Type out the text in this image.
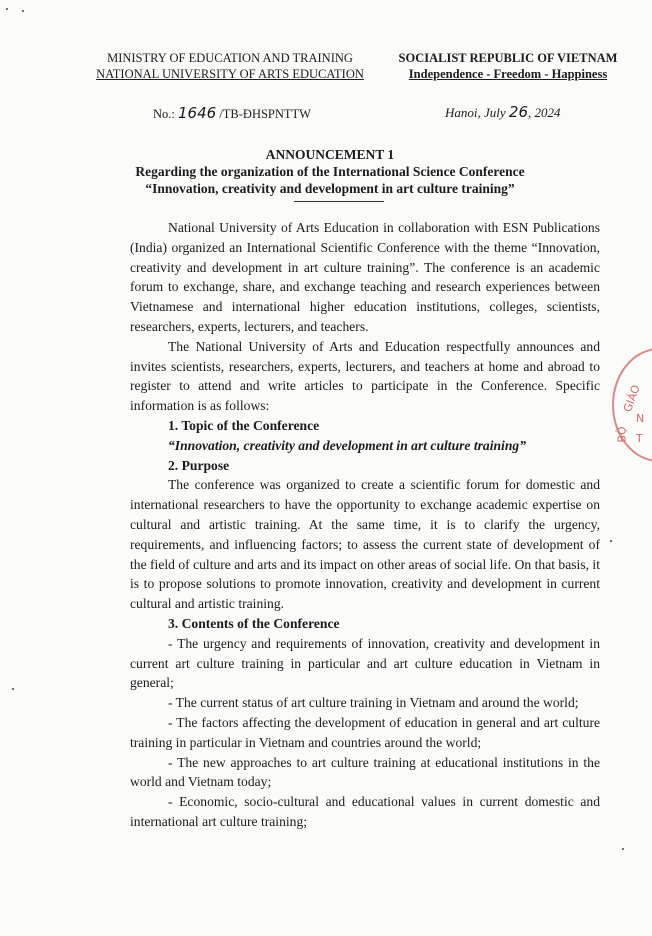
MINISTRY OF EDUCATION AND TRAINING
NATIONAL UNIVERSITY OF ARTS EDUCATION
SOCIALIST REPUBLIC OF VIETNAM
Independence - Freedom - Happiness
No.: 1646 /TB-ĐHSPNTTW	Hanoi, July 26, 2024
ANNOUNCEMENT 1
Regarding the organization of the International Science Conference
“Innovation, creativity and development in art culture training”

National University of Arts Education in collaboration with ESN Publications (India) organized an International Scientific Conference with the theme “Innovation, creativity and development in art culture training”. The conference is an academic forum to exchange, share, and exchange teaching and research experiences between Vietnamese and international higher education institutions, colleges, scientists, researchers, experts, lecturers, and teachers.

The National University of Arts and Education respectfully announces and invites scientists, researchers, experts, lecturers, and teachers at home and abroad to register to attend and write articles to participate in the Conference. Specific information is as follows:

1. Topic of the Conference

“Innovation, creativity and development in art culture training”

2. Purpose

The conference was organized to create a scientific forum for domestic and international researchers to have the opportunity to exchange academic expertise on cultural and artistic training. At the same time, it is to clarify the urgency, requirements, and influencing factors; to assess the current state of development of the field of culture and arts and its impact on other areas of social life. On that basis, it is to propose solutions to promote innovation, creativity and development in current cultural and artistic training.

3. Contents of the Conference

- The urgency and requirements of innovation, creativity and development in current art culture training in particular and art culture education in Vietnam in general;

- The current status of art culture training in Vietnam and around the world;

- The factors affecting the development of education in general and art culture training in particular in Vietnam and countries around the world;

- The new approaches to art culture training at educational institutions in the world and Vietnam today;

- Economic, socio-cultural and educational values in current domestic and international art culture training;

GIÁO
N
T
BỘ
